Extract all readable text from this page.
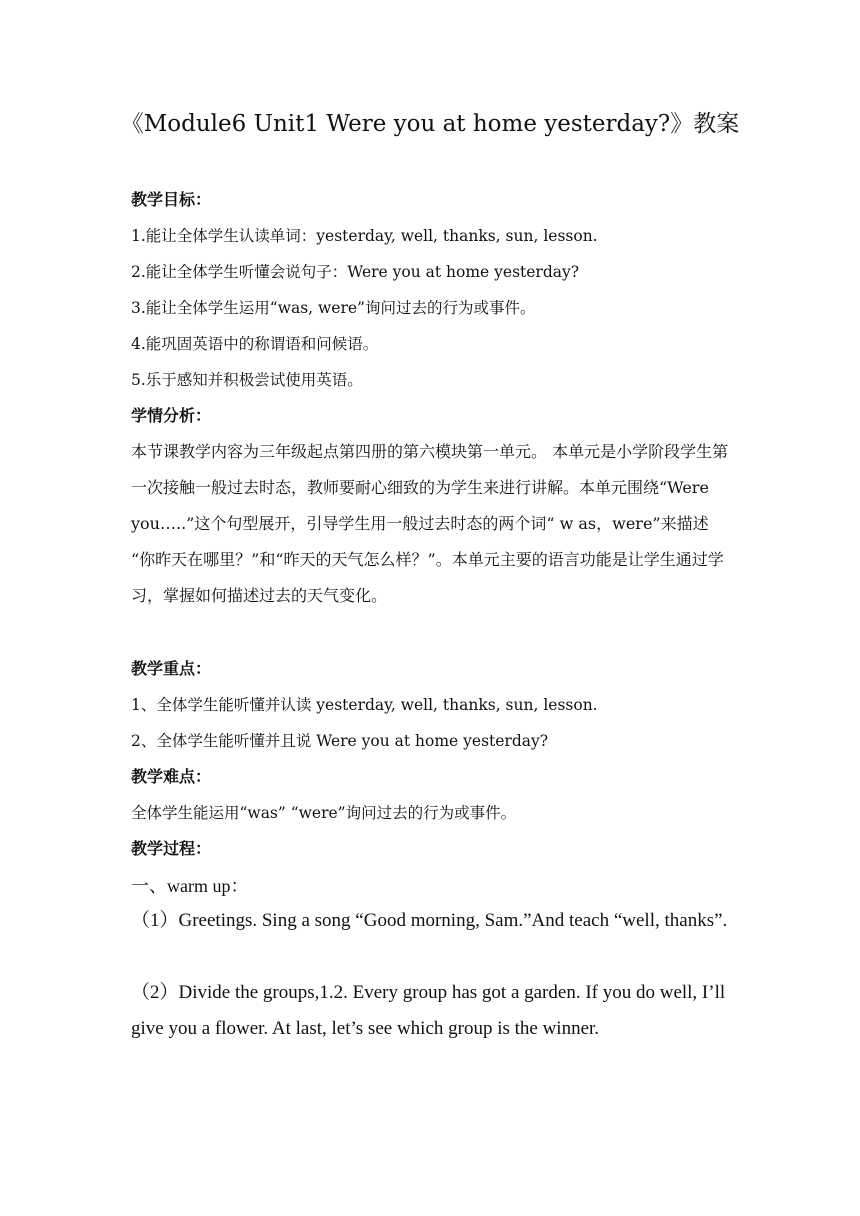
《Module6 Unit1 Were you at home yesterday?》教案
教学目标：
1.能让全体学生认读单词：yesterday, well, thanks, sun, lesson.
2.能让全体学生听懂会说句子：Were you at home yesterday?
3.能让全体学生运用“was, were”询问过去的行为或事件。
4.能巩固英语中的称谓语和问候语。
5.乐于感知并积极尝试使用英语。
学情分析：
本节课教学内容为三年级起点第四册的第六模块第一单元。 本单元是小学阶段学生第一次接触一般过去时态，教师要耐心细致的为学生来进行讲解。本单元围绕“Were you…..”这个句型展开，引导学生用一般过去时态的两个词“ w as，were”来描述 “你昨天在哪里？”和“昨天的天气怎么样？”。本单元主要的语言功能是让学生通过学习，掌握如何描述过去的天气变化。
教学重点：
1、全体学生能听懂并认读 yesterday, well, thanks, sun, lesson.
2、全体学生能听懂并且说 Were you at home yesterday?
教学难点：
全体学生能运用“was” “were”询问过去的行为或事件。
教学过程：
一、warm up：
（1）Greetings. Sing a song “Good morning, Sam.”And teach “well, thanks”.
（2）Divide the groups,1.2. Every group has got a garden. If you do well, I’ll give you a flower. At last, let’s see which group is the winner.
